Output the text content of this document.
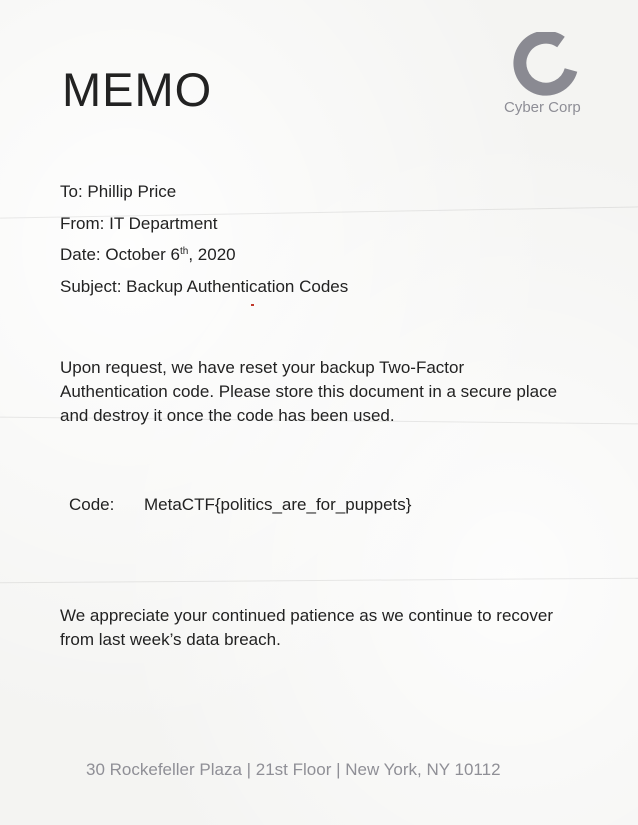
MEMO	Cyber Corp
To: Phillip Price
From: IT Department
Date: October 6th, 2020
Subject: Backup Authentication Codes

Upon request, we have reset your backup Two-Factor Authentication code. Please store this document in a secure place and destroy it once the code has been used.

Code: MetaCTF{politics_are_for_puppets}

We appreciate your continued patience as we continue to recover from last week’s data breach.

30 Rockefeller Plaza | 21st Floor | New York, NY 10112
